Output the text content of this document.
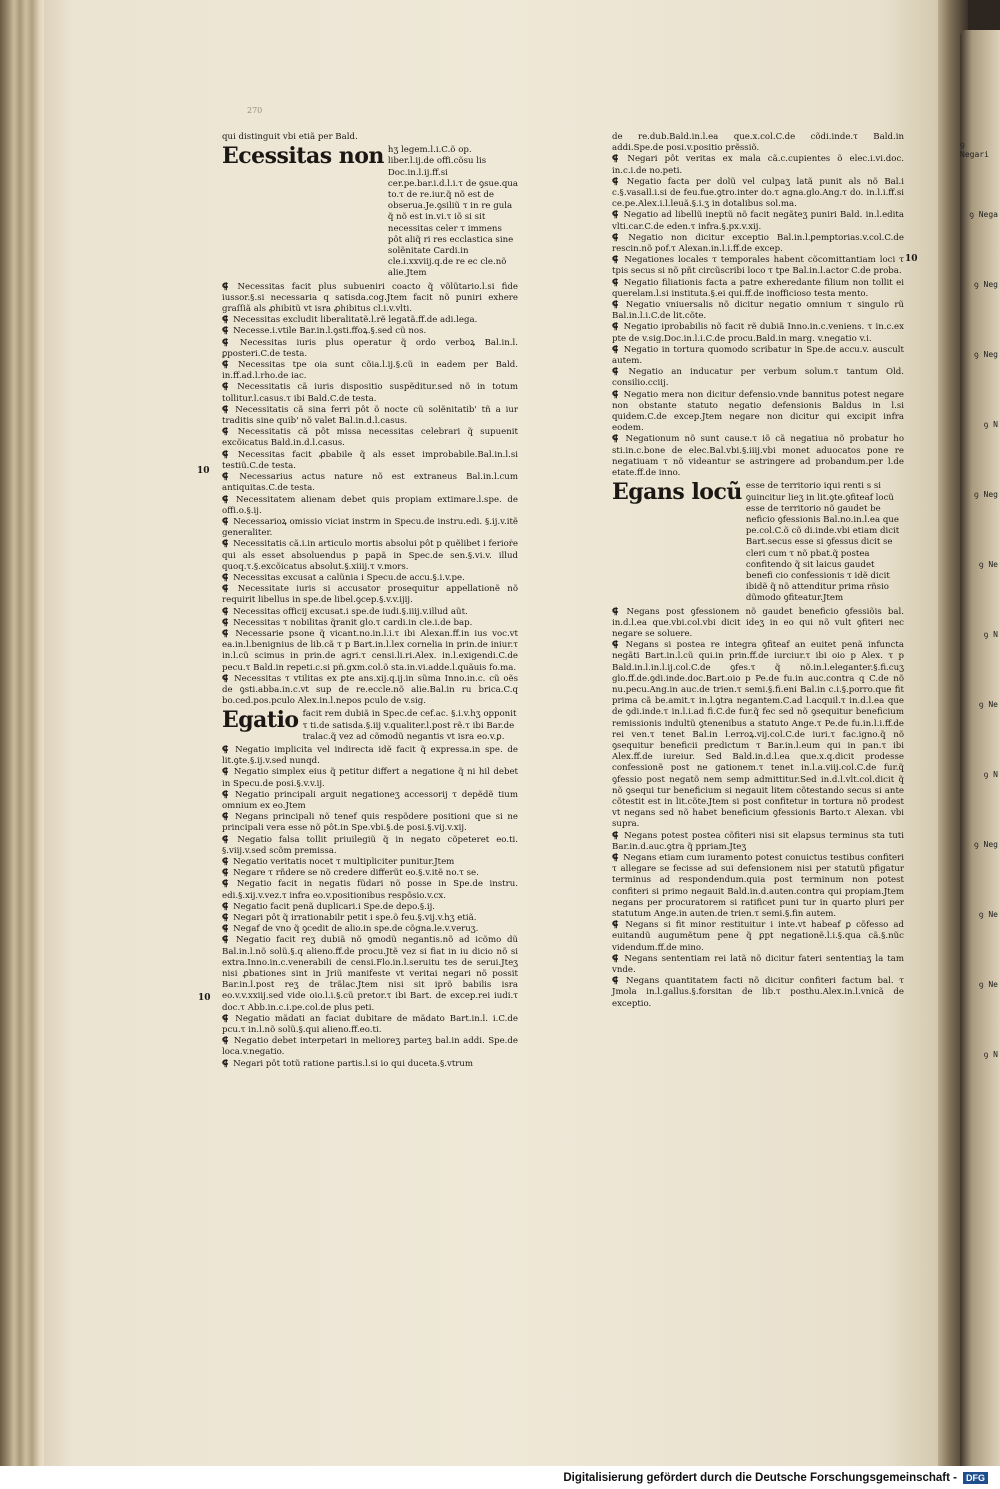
ꝯ Negari
ꝯ Nega
ꝯ Neg
ꝯ Neg
ꝯ N
ꝯ Neg
ꝯ Ne
ꝯ N
ꝯ Ne
ꝯ N
ꝯ Neg
ꝯ Ne
ꝯ Ne
ꝯ N
270

qui distinguit vbi etiã per Bald.

Ecessitas non hʒ legem.l.i.C.õ op. liber.l.ij.de offi.cõsu lis Doc.in.l.ij.ff.si cer.pe.bar.i.d.l.i.τ de ꝯsue.qua to.τ de re.iur.q̃ nõ est de obserua.Je.ꝯsiliũ τ in re gula q̃ nõ est in.vi.τ iõ si sit necessitas celer τ immens pôt aliq̃ ri res ecclastica sine solẽnitate Cardi.in cle.i.xxviij.q.de re ec cle.nõ alie.Jtem

⸿ Necessitas facit plus subueniri coacto q̃ võlũtario.l.si fide iussor.§.si necessaria q satisda.cog.Jtem facit nõ puniri exhere graſſiã als ꝓhibitũ vt isra ꝓhibitus cl.i.v.vlti.

⸿ Necessitas excludit liberalitatẽ.l.rẽ legatã.ff.de adi.lega.

⸿ Necesse.i.vtile Bar.in.l.ꝯsti.ffoꝝ.§.sed cũ nos.

⸿ Necessitas iuris plus operatur q̃ ordo verboꝝ Bal.in.l. ꝑposteri.C.de testa.

⸿ Necessitas tpe oia sunt cõia.l.ij.§.cũ in eadem per Bald. in.ff.ad.l.rho.de iac.

⸿ Necessitatis cã iuris dispositio suspẽditur.sed nõ in totum tollitur.l.casus.τ ibi Bald.C.de testa.

⸿ Necessitatis cã sina ferri pôt õ nocte cũ solẽnitatib' tñ a iur traditis sine quib' nõ valet Bal.in.d.l.casus.

⸿ Necessitatis cã pôt missa necessitas celebrari q̃ supuenit excõicatus Bald.in.d.l.casus.

⸿ Necessitas facit ꝓbabile q̃ als esset improbabile.Bal.in.l.si testiũ.C.de testa.

⸿ Necessarius actus nature nõ est extraneus Bal.in.l.cum antiquitas.C.de testa.

⸿ Necessitatem alienam debet quis propiam extimare.l.spe. de offi.o.§.ij.

⸿ Necessarioꝝ omissio viciat instrm in Specu.de instru.edi. §.ij.v.itẽ generaliter.

⸿ Necessitatis cã.i.in articulo mortis absolui pôt p quẽlibet i ferioṙe qui als esset absoluendus p papã in Spec.de sen.§.vi.v. illud quoq.τ.§.excõicatus absolut.§.xiiij.τ v.mors.

⸿ Necessitas excusat a calũnia i Specu.de accu.§.i.v.pe.

⸿ Necessitate iuris si accusator prosequitur appellationẽ nõ requirit libellus in spe.de libel.ꝯcep.§.v.v.ijij.

⸿ Necessitas officij excusat.i spe.de iudi.§.iiij.v.illud aũt.

⸿ Necessitas τ nobilitas q̃ranit glo.τ cardi.in cle.i.de bap.

⸿ Necessarie psone q̃ vicant.no.in.l.i.τ ibi Alexan.ff.in ius voc.vt ea.in.l.benignius de lib.cã τ p Bart.in.l.lex cornelia in prin.de iniur.τ in.l.cũ scimus in prin.de agri.τ censi.li.ri.Alex. in.l.exigendi.C.de pecu.τ Bald.in repeti.c.si pñ.gxm.col.õ sta.in.vi.adde.l.quãuis fo.ma.

⸿ Necessitas τ vtilitas ex ꝑte ans.xij.q.ij.in sũma Inno.in.c. cũ oẽs de ꝯsti.abba.in.c.vt sup de re.eccle.nõ alie.Bal.in ru brica.C.q bo.ced.pos.pculo Alex.in.l.nepos pculo de v.sig.

Egatio facit rem dubiã in Spec.de cef.ac. §.i.v.hʒ opponit τ ti.de satisda.§.iij v.qualiter.l.post rẽ.τ ibi Bar.de tralac.q̃ vez ad cõmodũ negantis vt isra eo.v.ꝑ.

⸿ Negatio implicita vel indirecta idẽ facit q̃ expressa.in spe. de lit.ꝯte.§.ij.v.sed nunqd.

⸿ Negatio simplex eius q̃ petitur differt a negatione q̃ ni hil debet in Specu.de posi.§.v.v.ij.

⸿ Negatio principali arguit negationeʒ accessorij τ depẽdẽ tium omnium ex eo.Jtem

⸿ Negans principali nõ tenef quis respõdere positioni que si ne principali vera esse nõ pôt.in Spe.vbi.§.de posi.§.vij.v.xij.

⸿ Negatio falsa tollit priuilegiũ q̃ in negato cõpeteret eo.ti. §.viij.v.sed scõm premissa.

⸿ Negatio veritatis nocet τ multipliciter punitur.Jtem

⸿ Negare τ rñdere se nõ credere differũt eo.§.v.itẽ no.τ se.

⸿ Negatio facit in negatis fũdari nõ posse in Spe.de instru. edi.§.xij.v.vez.τ infra eo.v.positionibus respõsio.v.cx.

⸿ Negatio facit penã duplicari.i Spe.de depo.§.ij.

⸿ Negari pôt q̃ irrationabilr petit i spe.õ feu.§.vij.v.hʒ etiã.

⸿ Negaf de vno q̃ ꝯcedit de alio.in spe.de cõgna.le.v.veruʒ.

⸿ Negatio facit reʒ dubiã nõ ꝯmodũ negantis.nõ ad icõmo dũ Bal.in.l.nõ solũ.§.q alieno.ff.de procu.Jtẽ vez si fiat in iu dicio nõ si extra.Inno.in.c.venerabili de censi.Flo.in.l.seruitu tes de serui.Jteʒ nisi ꝓbationes sint in Jriũ manifeste vt veritai negari nõ possit Bar.in.l.post reʒ de trãlac.Jtem nisi sit iprõ babilis isra eo.v.v.xxiij.sed vide oio.l.i.§.cũ pretor.τ ibi Bart. de excep.rei iudi.τ doc.τ Abb.in.c.i.pe.col.de plus peti.

⸿ Negatio mãdati an faciat dubitare de mãdato Bart.in.l. i.C.de pcu.τ in.l.nõ solũ.§.qui alieno.ff.eo.ti.

⸿ Negatio debet interpetari in melioreʒ parteʒ bal.in addi. Spe.de loca.v.negatio.

⸿ Negari pôt totũ ratione partis.l.si io qui duceta.§.vtrum

de re.dub.Bald.in.l.ea que.x.col.C.de cõdi.inde.τ Bald.in addi.Spe.de posi.v.positio prẽssiõ.

⸿ Negari pôt veritas ex mala cã.c.cupientes õ elec.i.vi.doc. in.c.i.de no.peti.

⸿ Negatio facta per dolũ vel culpaʒ latã punit als nõ Bal.i c.§.vasall.i.si de feu.fue.ꝯtro.inter do.τ agna.glo.Ang.τ do. in.l.i.ff.si ce.pe.Alex.i.l.leuã.§.i.ʒ in dotalibus sol.ma.

⸿ Negatio ad libellũ ineptũ nõ facit negãteʒ puniri Bald. in.l.edita vlti.car.C.de eden.τ infra.§.px.v.xij.

⸿ Negatio non dicitur exceptio Bal.in.l.ꝑemptorias.v.col.C.de rescin.nõ pof.τ Alexan.in.l.i.ff.de excep.

⸿ Negationes locales τ temporales habent cõcomittantiam loci τ tpis secus si nõ pñt circũscribi loco τ tpe Bal.in.l.actor C.de proba.

⸿ Negatio filiationis facta a patre exheredante filium non tollit ei querelam.l.si instituta.§.ei qui.ff.de inofficioso testa mento.

⸿ Negatio vniuersalis nõ dicitur negatio omnium τ singulo rũ Bal.in.l.i.C.de lit.cõte.

⸿ Negatio iprobabilis nõ facit rẽ dubiã Inno.in.c.veniens. τ in.c.ex pte de v.sig.Doc.in.l.i.C.de procu.Bald.in marg. v.negatio v.i.

⸿ Negatio in tortura quomodo scribatur in Spe.de accu.v. auscult autem.

⸿ Negatio an inducatur per verbum solum.τ tantum Old. consilio.cciij.

⸿ Negatio mera non dicitur defensio.vnde bannitus potest negare non obstante statuto negatio defensionis Baldus in l.si quidem.C.de excep.Jtem negare non dicitur qui excipit infra eodem.

⸿ Negationum nõ sunt cause.τ iõ cã negatiua nõ probatur ho sti.in.c.bone de elec.Bal.vbi.§.iiij.vbi monet aduocatos pone re negatiuam τ nõ videantur se astringere ad probandum.per l.de etate.ff.de inno.

Egans locũ esse de territorio iqui renti s si ꝯuincitur lieʒ in lit.ꝯte.ꝯfiteaf locũ esse de territorio nõ gaudet be neficio ꝯfessionis Bal.no.in.l.ea que pe.col.C.õ cõ di.inde.vbi etiam dicit Bart.secus esse si ꝯfessus dicit se cleri cum τ nõ pbat.q̃ postea confitendo q̃ sit laicus gaudet benefi cio confessionis τ idẽ dicit ibidẽ q̃ nõ attenditur prima rñsio dũmodo ꝯfiteatur.Jtem

⸿ Negans post ꝯfessionem nõ gaudet beneficio ꝯfessiõis bal. in.d.l.ea que.vbi.col.vbi dicit ideʒ in eo qui nõ vult ꝯfiteri nec negare se soluere.

⸿ Negans si postea re integra ꝯfiteaf an euitet penã infuncta negãti Bart.in.l.cũ qui.in prin.ff.de iurciur.τ ibi oio p Alex. τ p Bald.in.l.in.l.ij.col.C.de ꝯfes.τ q̃ nõ.in.l.eleganter.§.fi.cuʒ glo.ff.de.ꝯdi.inde.doc.Bart.oio p Pe.de fu.in auc.contra q C.de nõ nu.pecu.Ang.in auc.de trien.τ semi.§.fi.eni Bal.in c.i.§.porro.que fit prima cã be.amit.τ in.l.ꝯtra negantem.C.ad l.acquil.τ in.d.l.ea que de ꝯdi.inde.τ in.l.i.ad fi.C.de fur.q̃ fec sed nõ ꝯsequitur beneficium remissionis indultũ ꝯtenenibus a statuto Ange.τ Pe.de fu.in.l.i.ff.de rei ven.τ tenet Bal.in l.erroꝝ.vij.col.C.de iuri.τ fac.igno.q̃ nõ ꝯsequitur beneficii predictum τ Bar.in.l.eum qui in pan.τ ibi Alex.ff.de iureiur. Sed Bald.in.d.l.ea que.x.q.dicit prodesse confessionẽ post ne gationem.τ tenet in.l.a.viij.col.C.de fur.q̃ ꝯfessio post negatõ nem semp admittitur.Sed in.d.l.vlt.col.dicit q̃ nõ ꝯsequi tur beneficium si negauit litem cõtestando secus si ante cõtestit est in lit.cõte.Jtem si post confitetur in tortura nõ prodest vt negans sed nõ habet beneficium ꝯfessionis Barto.τ Alexan. vbi supra.

⸿ Negans potest postea cõfiteri nisi sit elapsus terminus sta tuti Bar.in.d.auc.ꝯtra q̃ ppriam.Jteʒ

⸿ Negans etiam cum iuramento potest conuictus testibus confiteri τ allegare se fecisse ad sui defensionem nisi per statutũ pfigatur terminus ad respondendum.quia post terminum non potest confiteri si primo negauit Bald.in.d.auten.contra qui propiam.Jtem negans per procuratorem si ratificet puni tur in quarto pluri per statutum Ange.in auten.de trien.τ semi.§.fin autem.

⸿ Negans si fit minor restituitur i inte.vt habeaf ꝑ cõfesso ad euitandũ augumẽtum pene q̃ ꝑpt negationẽ.l.i.§.qua cã.§.nũc videndum.ff.de mino.

⸿ Negans sententiam rei latã nõ dicitur fateri sententiaʒ la tam vnde.

⸿ Negans quantitatem facti nõ dicitur confiteri factum bal. τ Jmola in.l.gallus.§.forsitan de lib.τ posthu.Alex.in.l.vnicã de exceptio.

10
10
10
Digitalisierung gefördert durch die Deutsche Forschungsgemeinschaft -	DFG
